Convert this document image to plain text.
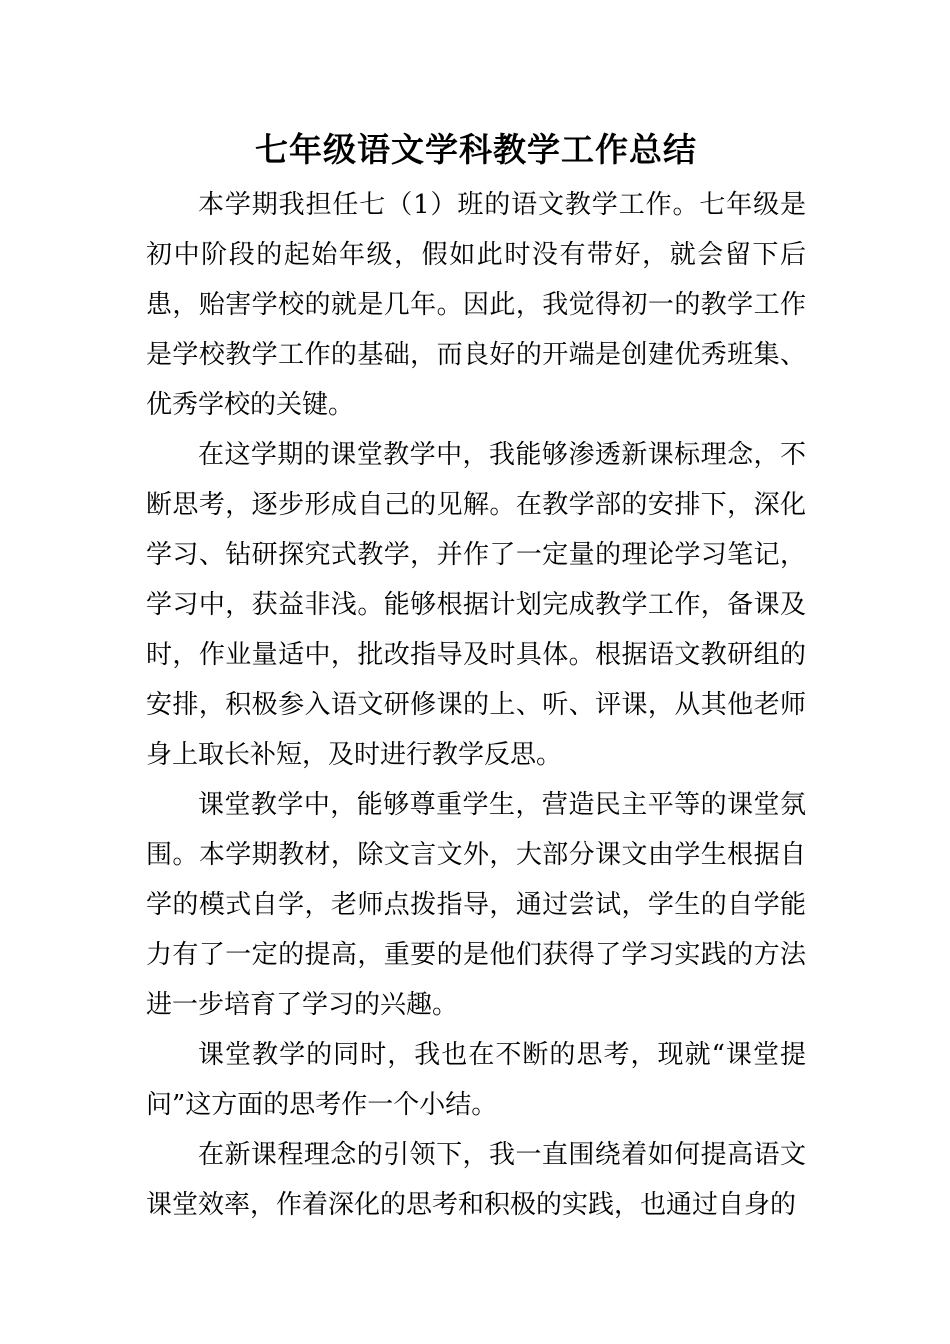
七年级语文学科教学工作总结

本学期我担任七（1）班的语文教学工作。七年级是初中阶段的起始年级，假如此时没有带好，就会留下后患，贻害学校的就是几年。因此，我觉得初一的教学工作是学校教学工作的基础，而良好的开端是创建优秀班集、优秀学校的关键。

在这学期的课堂教学中，我能够渗透新课标理念，不断思考，逐步形成自己的见解。在教学部的安排下，深化学习、钻研探究式教学，并作了一定量的理论学习笔记，学习中，获益非浅。能够根据计划完成教学工作，备课及时，作业量适中，批改指导及时具体。根据语文教研组的安排，积极参入语文研修课的上、听、评课，从其他老师身上取长补短，及时进行教学反思。

课堂教学中，能够尊重学生，营造民主平等的课堂氛围。本学期教材，除文言文外，大部分课文由学生根据自学的模式自学，老师点拨指导，通过尝试，学生的自学能力有了一定的提高，重要的是他们获得了学习实践的方法进一步培育了学习的兴趣。

课堂教学的同时，我也在不断的思考，现就“课堂提问”这方面的思考作一个小结。

在新课程理念的引领下，我一直围绕着如何提高语文课堂效率，作着深化的思考和积极的实践，也通过自身的
